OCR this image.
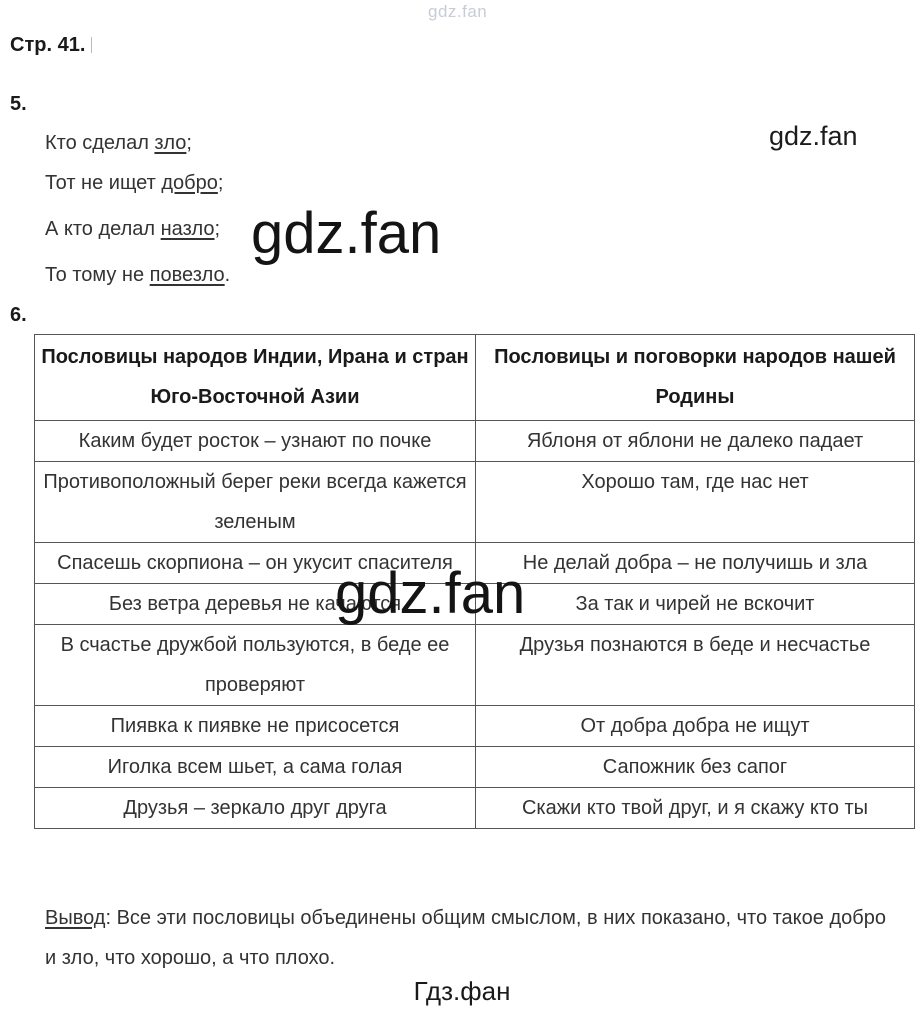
gdz.fan
Стр. 41.
5.
Кто сделал зло;
Тот не ищет добро;
А кто делал назло;
То тому не повезло.
gdz.fan
gdz.fan
6.
Пословицы народов Индии, Ирана и стран Юго-Восточной Азии	Пословицы и поговорки народов нашей Родины
Каким будет росток – узнают по почке	Яблоня от яблони не далеко падает
Противоположный берег реки всегда кажется зеленым	Хорошо там, где нас нет
Спасешь скорпиона – он укусит спасителя	Не делай добра – не получишь и зла
Без ветра деревья не качаются	За так и чирей не вскочит
В счастье дружбой пользуются, в беде ее проверяют	Друзья познаются в беде и несчастье
Пиявка к пиявке не присосется	От добра добра не ищут
Иголка всем шьет, а сама голая	Сапожник без сапог
Друзья – зеркало друг друга	Скажи кто твой друг, и я скажу кто ты
gdz.fan
Вывод: Все эти пословицы объединены общим смыслом, в них показано, что такое добро и зло, что хорошо, а что плохо.
Гдз.фан
